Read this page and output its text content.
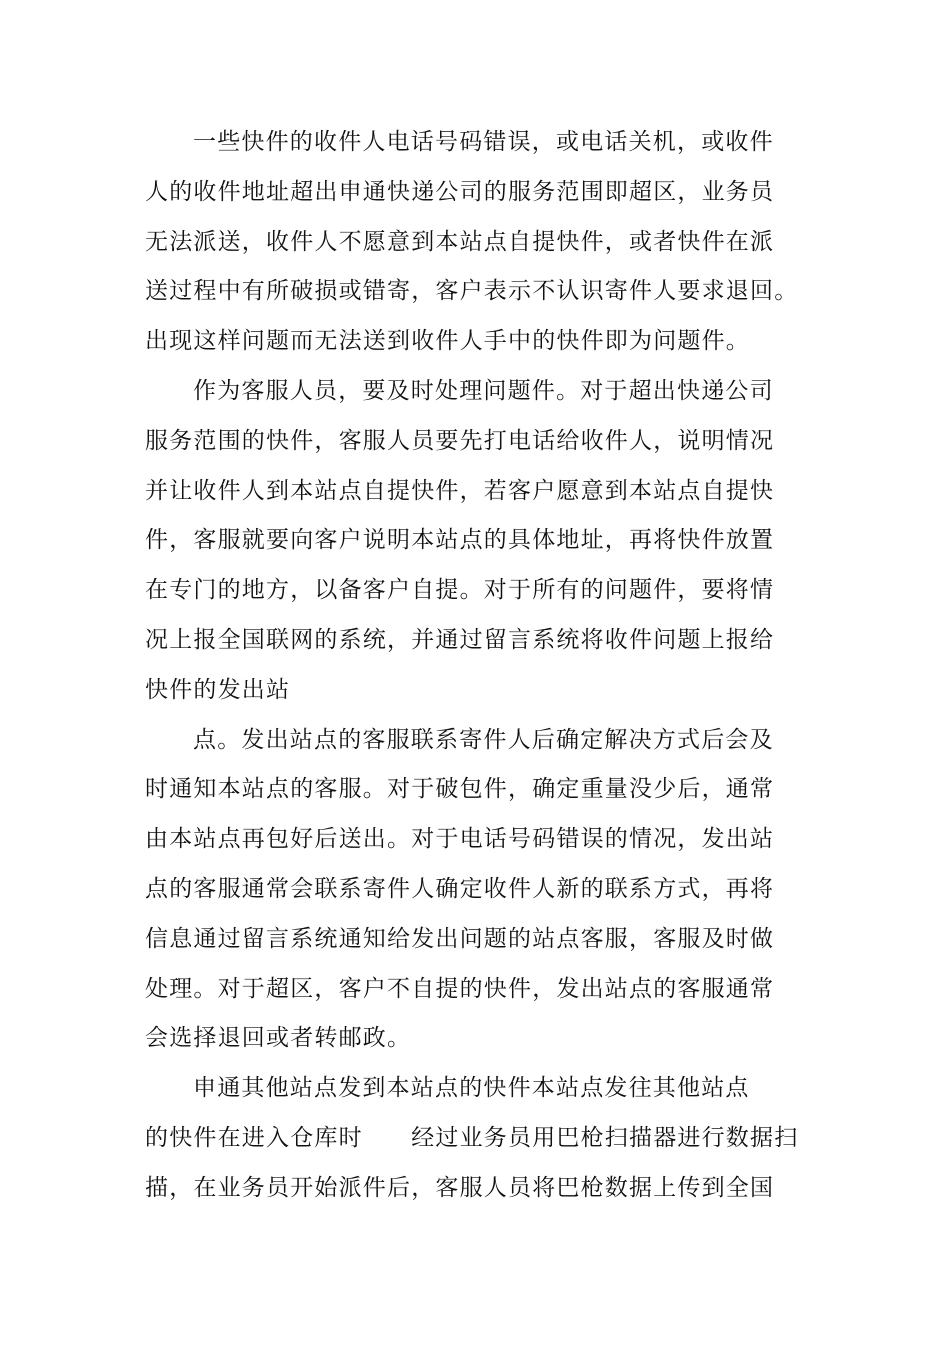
一些快件的收件人电话号码错误，或电话关机，或收件

人的收件地址超出申通快递公司的服务范围即超区，业务员

无法派送，收件人不愿意到本站点自提快件，或者快件在派

送过程中有所破损或错寄，客户表示不认识寄件人要求退回。

出现这样问题而无法送到收件人手中的快件即为问题件。

作为客服人员，要及时处理问题件。对于超出快递公司

服务范围的快件，客服人员要先打电话给收件人，说明情况

并让收件人到本站点自提快件，若客户愿意到本站点自提快

件，客服就要向客户说明本站点的具体地址，再将快件放置

在专门的地方，以备客户自提。对于所有的问题件，要将情

况上报全国联网的系统，并通过留言系统将收件问题上报给

快件的发出站

点。发出站点的客服联系寄件人后确定解决方式后会及

时通知本站点的客服。对于破包件，确定重量没少后，通常

由本站点再包好后送出。对于电话号码错误的情况，发出站

点的客服通常会联系寄件人确定收件人新的联系方式，再将

信息通过留言系统通知给发出问题的站点客服，客服及时做

处理。对于超区，客户不自提的快件，发出站点的客服通常

会选择退回或者转邮政。

申通其他站点发到本站点的快件本站点发往其他站点

的快件在进入仓库时　　经过业务员用巴枪扫描器进行数据扫

描，在业务员开始派件后，客服人员将巴枪数据上传到全国
